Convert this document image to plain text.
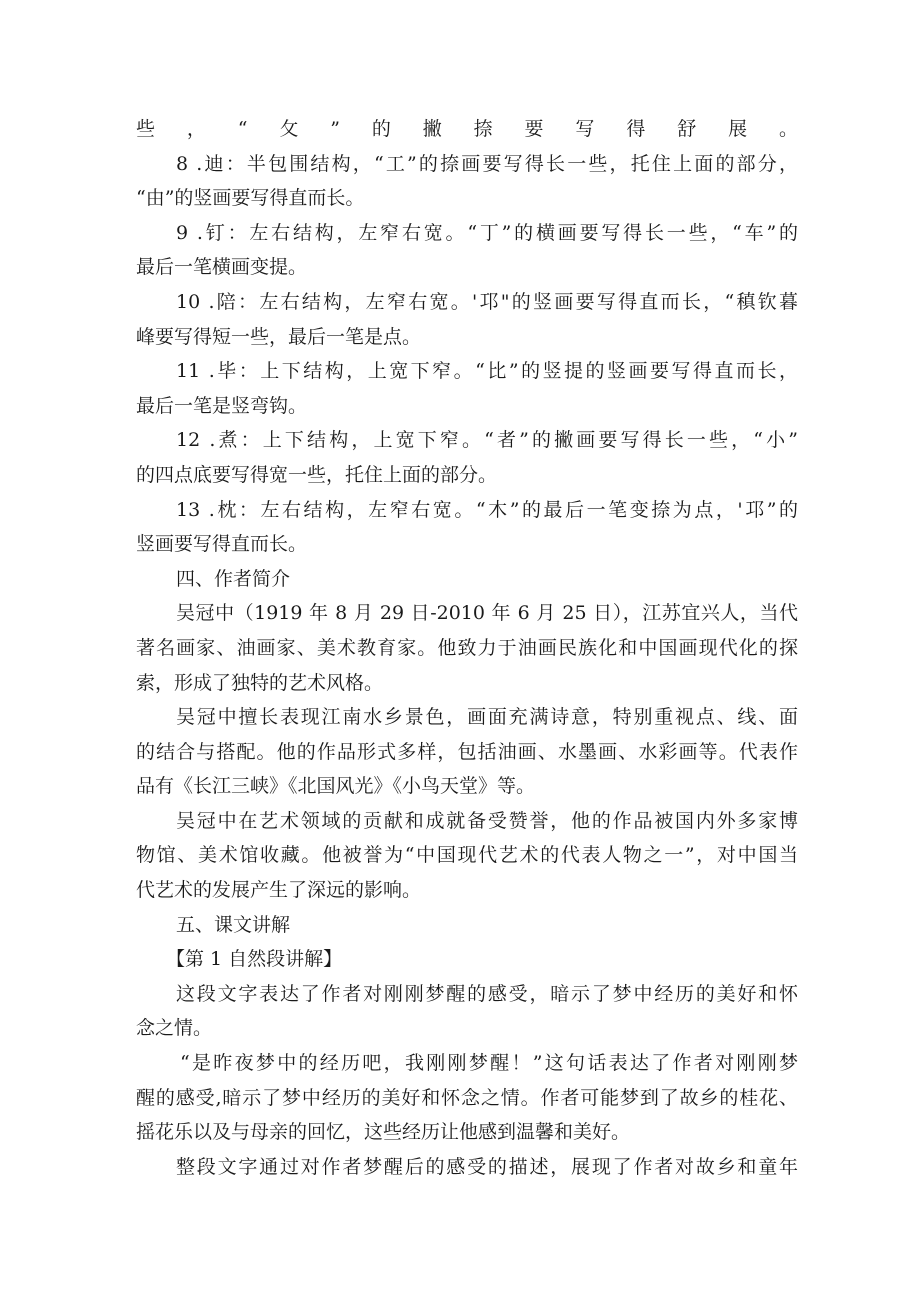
些，“攵”的撇捺要写得舒展。
8 .迪：半包围结构，“工”的捺画要写得长一些，托住上面的部分，
“由”的竖画要写得直而长。
9 .钉：左右结构，左窄右宽。“丁”的横画要写得长一些，“车”的
最后一笔横画变提。
10 .陪：左右结构，左窄右宽。'邛"的竖画要写得直而长，“稹钦暮
峰要写得短一些，最后一笔是点。
11 .毕：上下结构，上宽下窄。“比”的竖提的竖画要写得直而长，
最后一笔是竖弯钩。
12 .煮：上下结构，上宽下窄。“者”的撇画要写得长一些，“小”
的四点底要写得宽一些，托住上面的部分。
13 .枕：左右结构，左窄右宽。“木”的最后一笔变捺为点，'邛”的
竖画要写得直而长。
四、作者简介
吴冠中（1919 年 8 月 29 日-2010 年 6 月 25 日），江苏宜兴人，当代
著名画家、油画家、美术教育家。他致力于油画民族化和中国画现代化的探
索，形成了独特的艺术风格。
吴冠中擅长表现江南水乡景色，画面充满诗意，特别重视点、线、面
的结合与搭配。他的作品形式多样，包括油画、水墨画、水彩画等。代表作
品有《长江三峡》《北国风光》《小鸟天堂》等。
吴冠中在艺术领域的贡献和成就备受赞誉，他的作品被国内外多家博
物馆、美术馆收藏。他被誉为“中国现代艺术的代表人物之一”，对中国当
代艺术的发展产生了深远的影响。
五、课文讲解
【第 1 自然段讲解】
这段文字表达了作者对刚刚梦醒的感受，暗示了梦中经历的美好和怀
念之情。
“是昨夜梦中的经历吧，我刚刚梦醒！”这句话表达了作者对刚刚梦
醒的感受,暗示了梦中经历的美好和怀念之情。作者可能梦到了故乡的桂花、
摇花乐以及与母亲的回忆，这些经历让他感到温馨和美好。
整段文字通过对作者梦醒后的感受的描述，展现了作者对故乡和童年
